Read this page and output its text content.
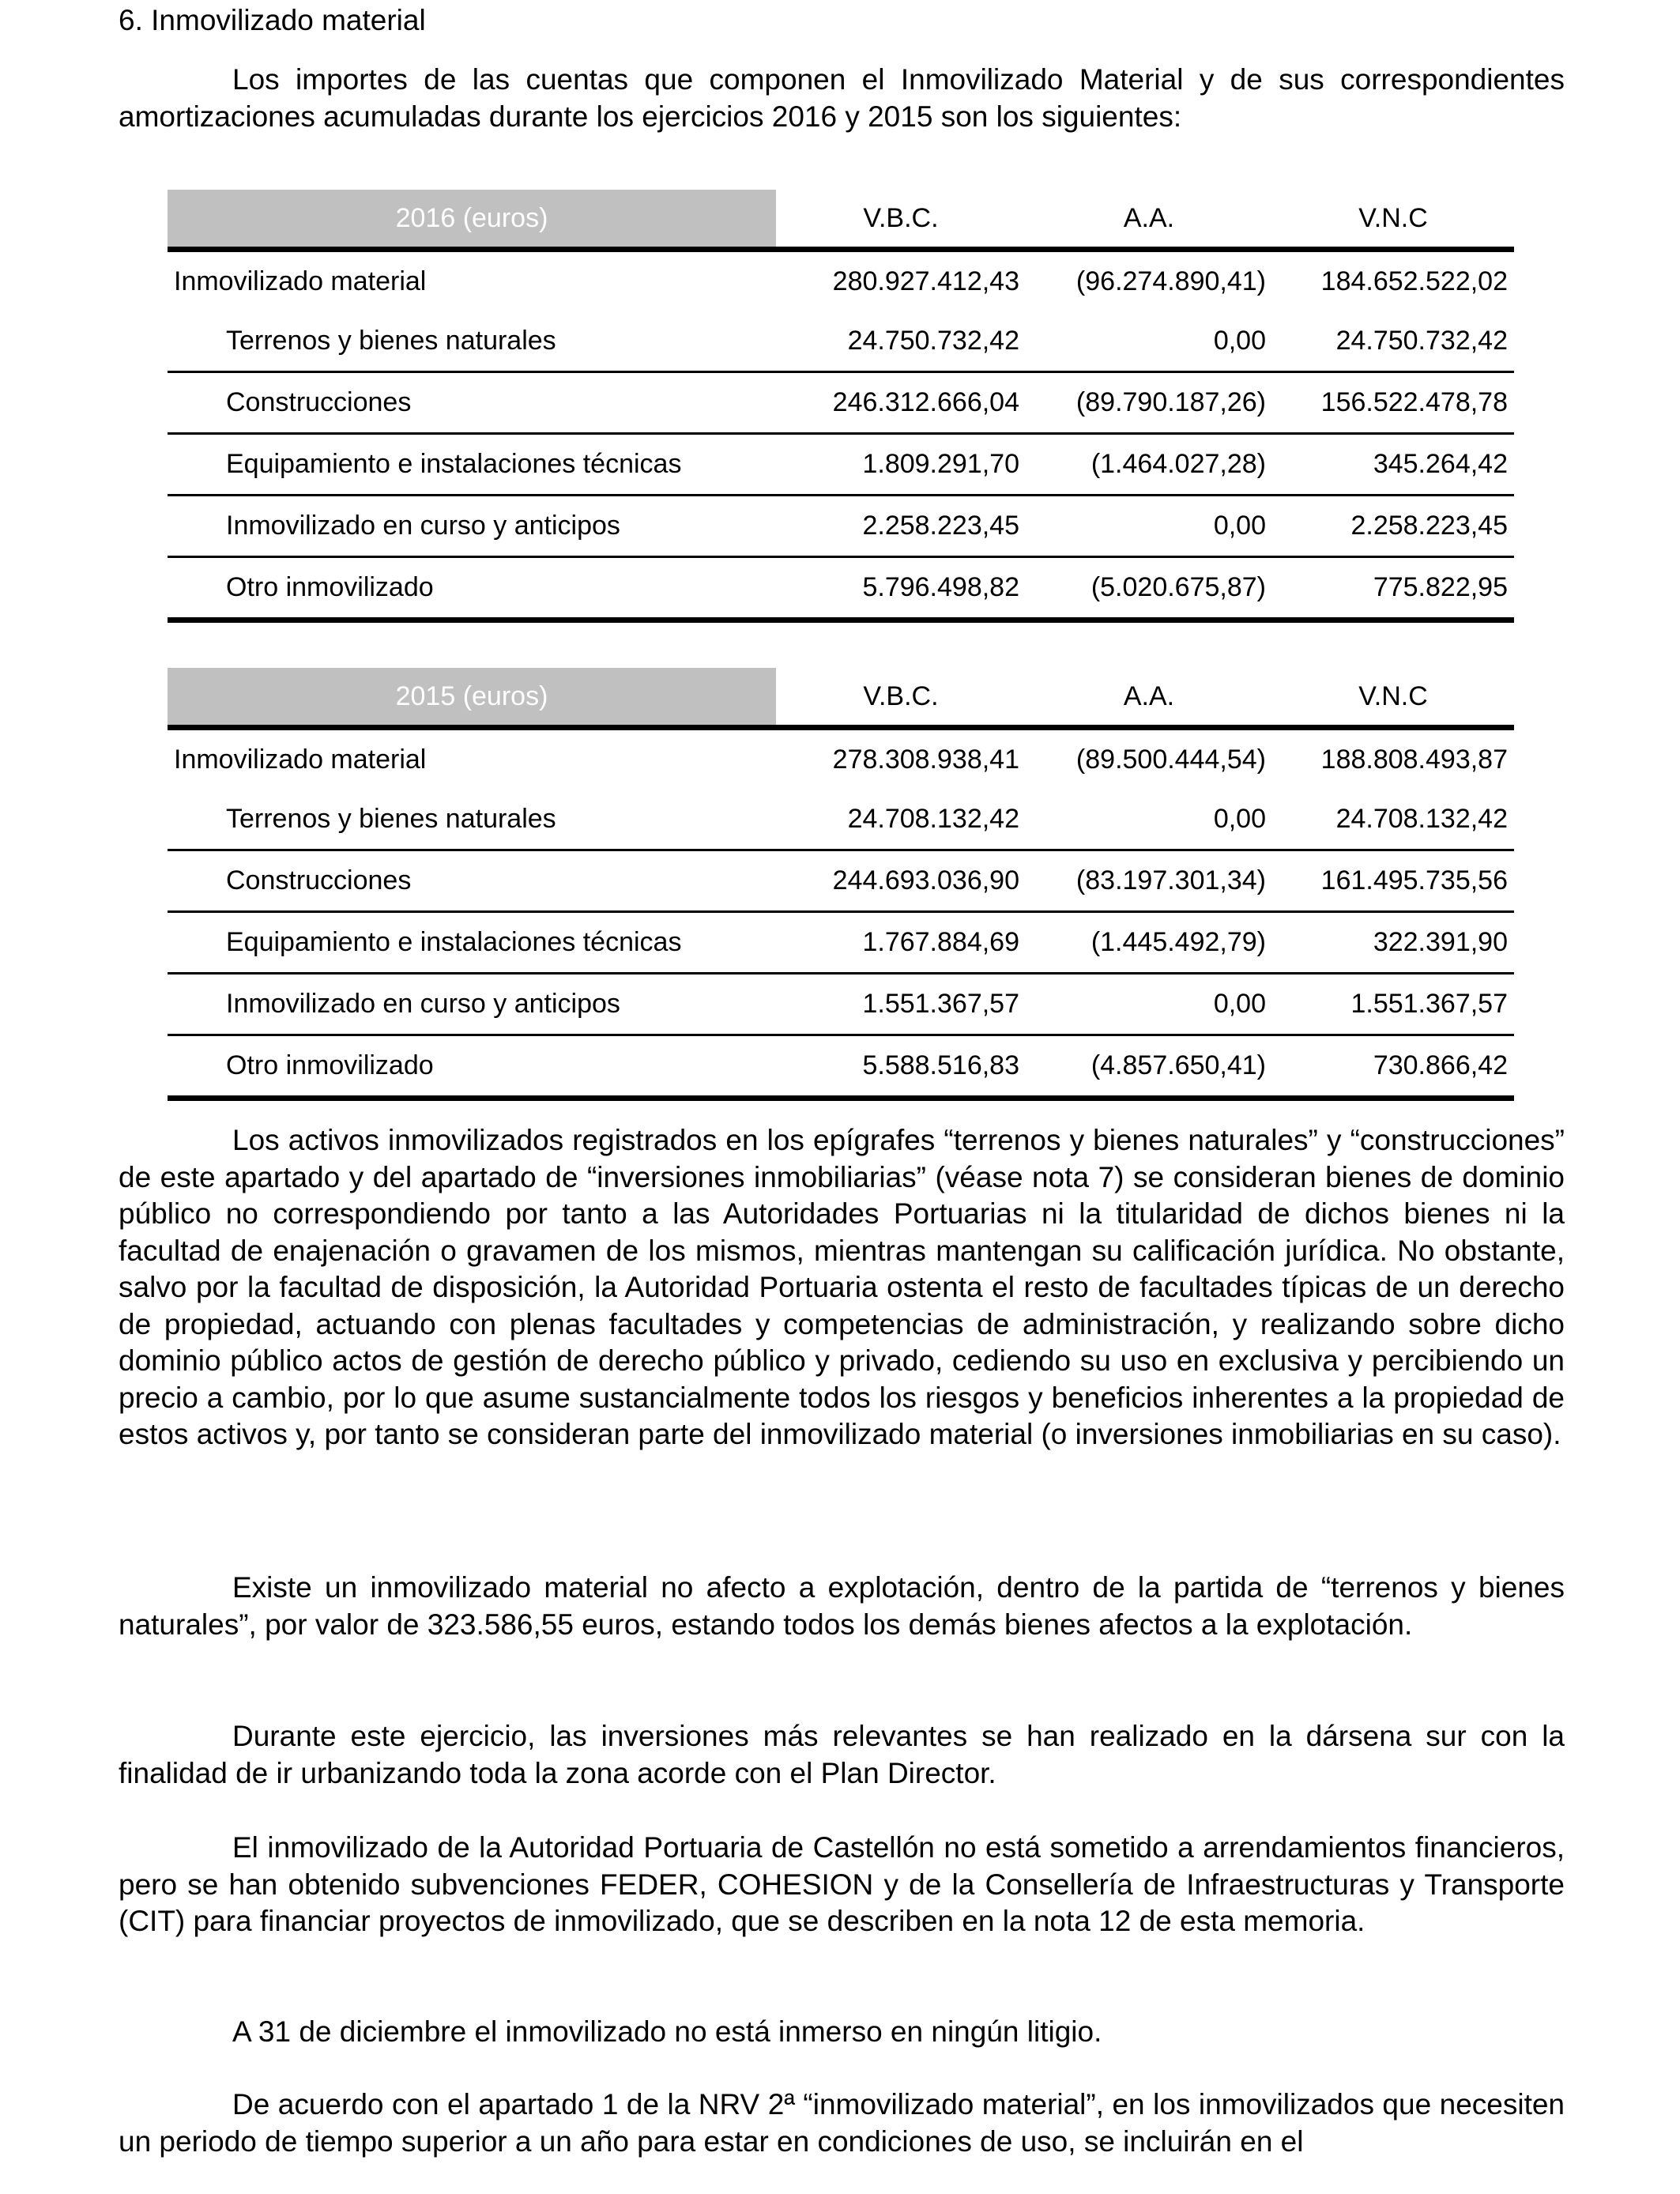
6. Inmovilizado material

Los importes de las cuentas que componen el Inmovilizado Material y de sus correspondientes amortizaciones acumuladas durante los ejercicios 2016 y 2015 son los siguientes:

2016 (euros)	V.B.C.	A.A.	V.N.C
Inmovilizado material	280.927.412,43	(96.274.890,41)	184.652.522,02
Terrenos y bienes naturales	24.750.732,42	0,00	24.750.732,42
Construcciones	246.312.666,04	(89.790.187,26)	156.522.478,78
Equipamiento e instalaciones técnicas	1.809.291,70	(1.464.027,28)	345.264,42
Inmovilizado en curso y anticipos	2.258.223,45	0,00	2.258.223,45
Otro inmovilizado	5.796.498,82	(5.020.675,87)	775.822,95
2015 (euros)	V.B.C.	A.A.	V.N.C
Inmovilizado material	278.308.938,41	(89.500.444,54)	188.808.493,87
Terrenos y bienes naturales	24.708.132,42	0,00	24.708.132,42
Construcciones	244.693.036,90	(83.197.301,34)	161.495.735,56
Equipamiento e instalaciones técnicas	1.767.884,69	(1.445.492,79)	322.391,90
Inmovilizado en curso y anticipos	1.551.367,57	0,00	1.551.367,57
Otro inmovilizado	5.588.516,83	(4.857.650,41)	730.866,42

Los activos inmovilizados registrados en los epígrafes “terrenos y bienes naturales” y “construcciones” de este apartado y del apartado de “inversiones inmobiliarias” (véase nota 7) se consideran bienes de dominio público no correspondiendo por tanto a las Autoridades Portuarias ni la titularidad de dichos bienes ni la facultad de enajenación o gravamen de los mismos, mientras mantengan su calificación jurídica. No obstante, salvo por la facultad de disposición, la Autoridad Portuaria ostenta el resto de facultades típicas de un derecho de propiedad, actuando con plenas facultades y competencias de administración, y realizando sobre dicho dominio público actos de gestión de derecho público y privado, cediendo su uso en exclusiva y percibiendo un precio a cambio, por lo que asume sustancialmente todos los riesgos y beneficios inherentes a la propiedad de estos activos y, por tanto se consideran parte del inmovilizado material (o inversiones inmobiliarias en su caso).

Existe un inmovilizado material no afecto a explotación, dentro de la partida de “terrenos y bienes naturales”, por valor de 323.586,55 euros, estando todos los demás bienes afectos a la explotación.

Durante este ejercicio, las inversiones más relevantes se han realizado en la dársena sur con la finalidad de ir urbanizando toda la zona acorde con el Plan Director.

El inmovilizado de la Autoridad Portuaria de Castellón no está sometido a arrendamientos financieros, pero se han obtenido subvenciones FEDER, COHESION y de la Consellería de Infraestructuras y Transporte (CIT) para financiar proyectos de inmovilizado, que se describen en la nota 12 de esta memoria.

A 31 de diciembre el inmovilizado no está inmerso en ningún litigio.

De acuerdo con el apartado 1 de la NRV 2ª “inmovilizado material”, en los inmovilizados que necesiten un periodo de tiempo superior a un año para estar en condiciones de uso, se incluirán en el
